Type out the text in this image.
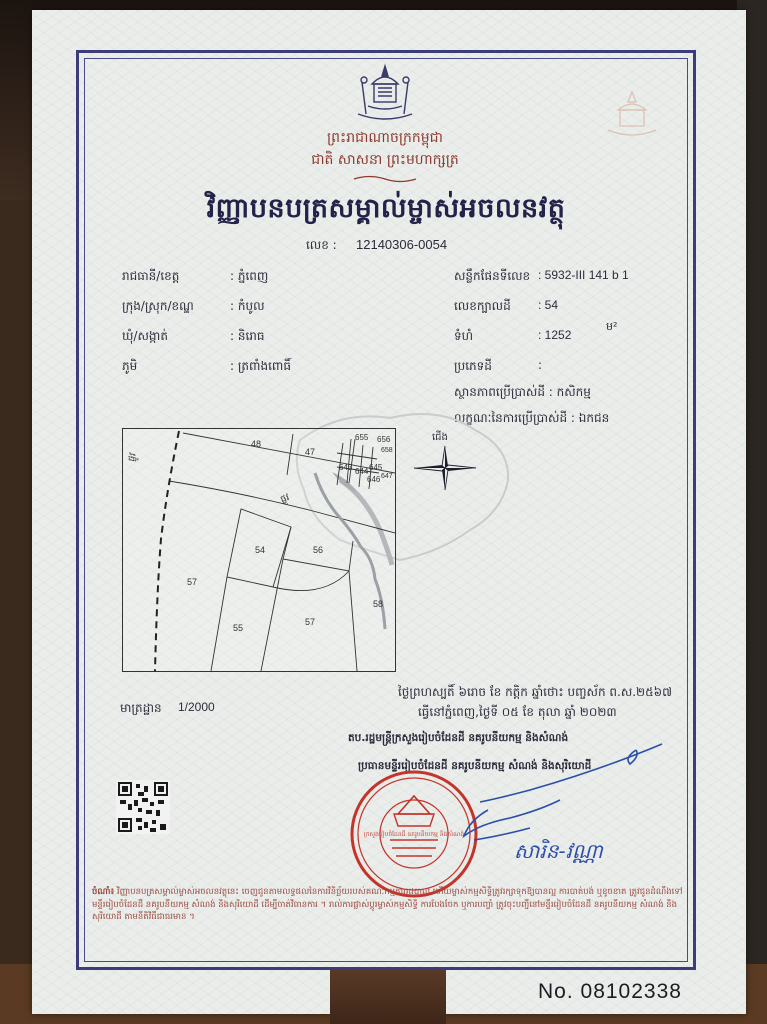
ព្រះរាជាណាចក្រកម្ពុជា
ជាតិ សាសនា ព្រះមហាក្សត្រ
វិញ្ញាបនបត្រសម្គាល់ម្ចាស់អចលនវត្ថុ
លេខ : 12140306-0054
រាជធានី/ខេត្ត	: ភ្នំពេញ
ក្រុង/ស្រុក/ខណ្ឌ	: កំបូល
ឃុំ/សង្កាត់	: និរោធ
ភូមិ	: ត្រពាំងពោធិ៍
សន្លឹកផែនទីលេខ : 5932-III 141 b 1
លេខក្បាលដី : 54
ទំហំ	: 1252
ម²
ប្រភេទដី	:
ស្ថានភាពប្រើប្រាស់ដី : កសិកម្ម
លក្ខណៈនៃការប្រើប្រាស់ដី : ឯកជន
ជើង
48
47
655 656
658
643 644 645
646 647
54	56
57
55
57
58
ផ្លូវ
ផ្លូវ
ថ្ងៃព្រហស្បតិ៍ ៦រោច ខែ កត្តិក ឆ្នាំថោះ បញ្ចស័ក ព.ស.២៥៦៧
ធ្វើនៅភ្នំពេញ,ថ្ងៃទី ០៥ ខែ តុលា ឆ្នាំ ២០២៣
មាត្រដ្ឋាន 1/2000
តប.រដ្ឋមន្ត្រីក្រសួងរៀបចំដែនដី នគរូបនីយកម្ម និងសំណង់
ប្រធានមន្ទីររៀបចំដែនដី នគរូបនីយកម្ម សំណង់ និងសុរិយោដី
ក្រសួងរៀបចំដែនដី នគរូបនីយកម្ម និងសំណង់
សារិន-វណ្ណា
ចំណាំ៖ វិញ្ញាបនបត្រសម្គាល់ម្ចាស់អចលនវត្ថុនេះ ចេញជូនតាមលទ្ធផលនៃការវិនិច្ឆ័យរបស់គណៈកម្មការរដ្ឋបាល ហើយម្ចាស់កម្មសិទ្ធិត្រូវរក្សាទុកឱ្យបានល្អ ការបាត់បង់ ឬខូចខាត ត្រូវជូនដំណឹងទៅមន្ទីររៀបចំដែនដី នគរូបនីយកម្ម សំណង់ និងសុរិយោដី ដើម្បីចាត់វិធានការ ។ រាល់ការផ្លាស់ប្ដូរម្ចាស់កម្មសិទ្ធិ ការបែងចែក ឬការបញ្ចាំ ត្រូវចុះបញ្ជីនៅមន្ទីររៀបចំដែនដី នគរូបនីយកម្ម សំណង់ និងសុរិយោដី តាមនីតិវិធីជាធរមាន ។
No. 08102338
